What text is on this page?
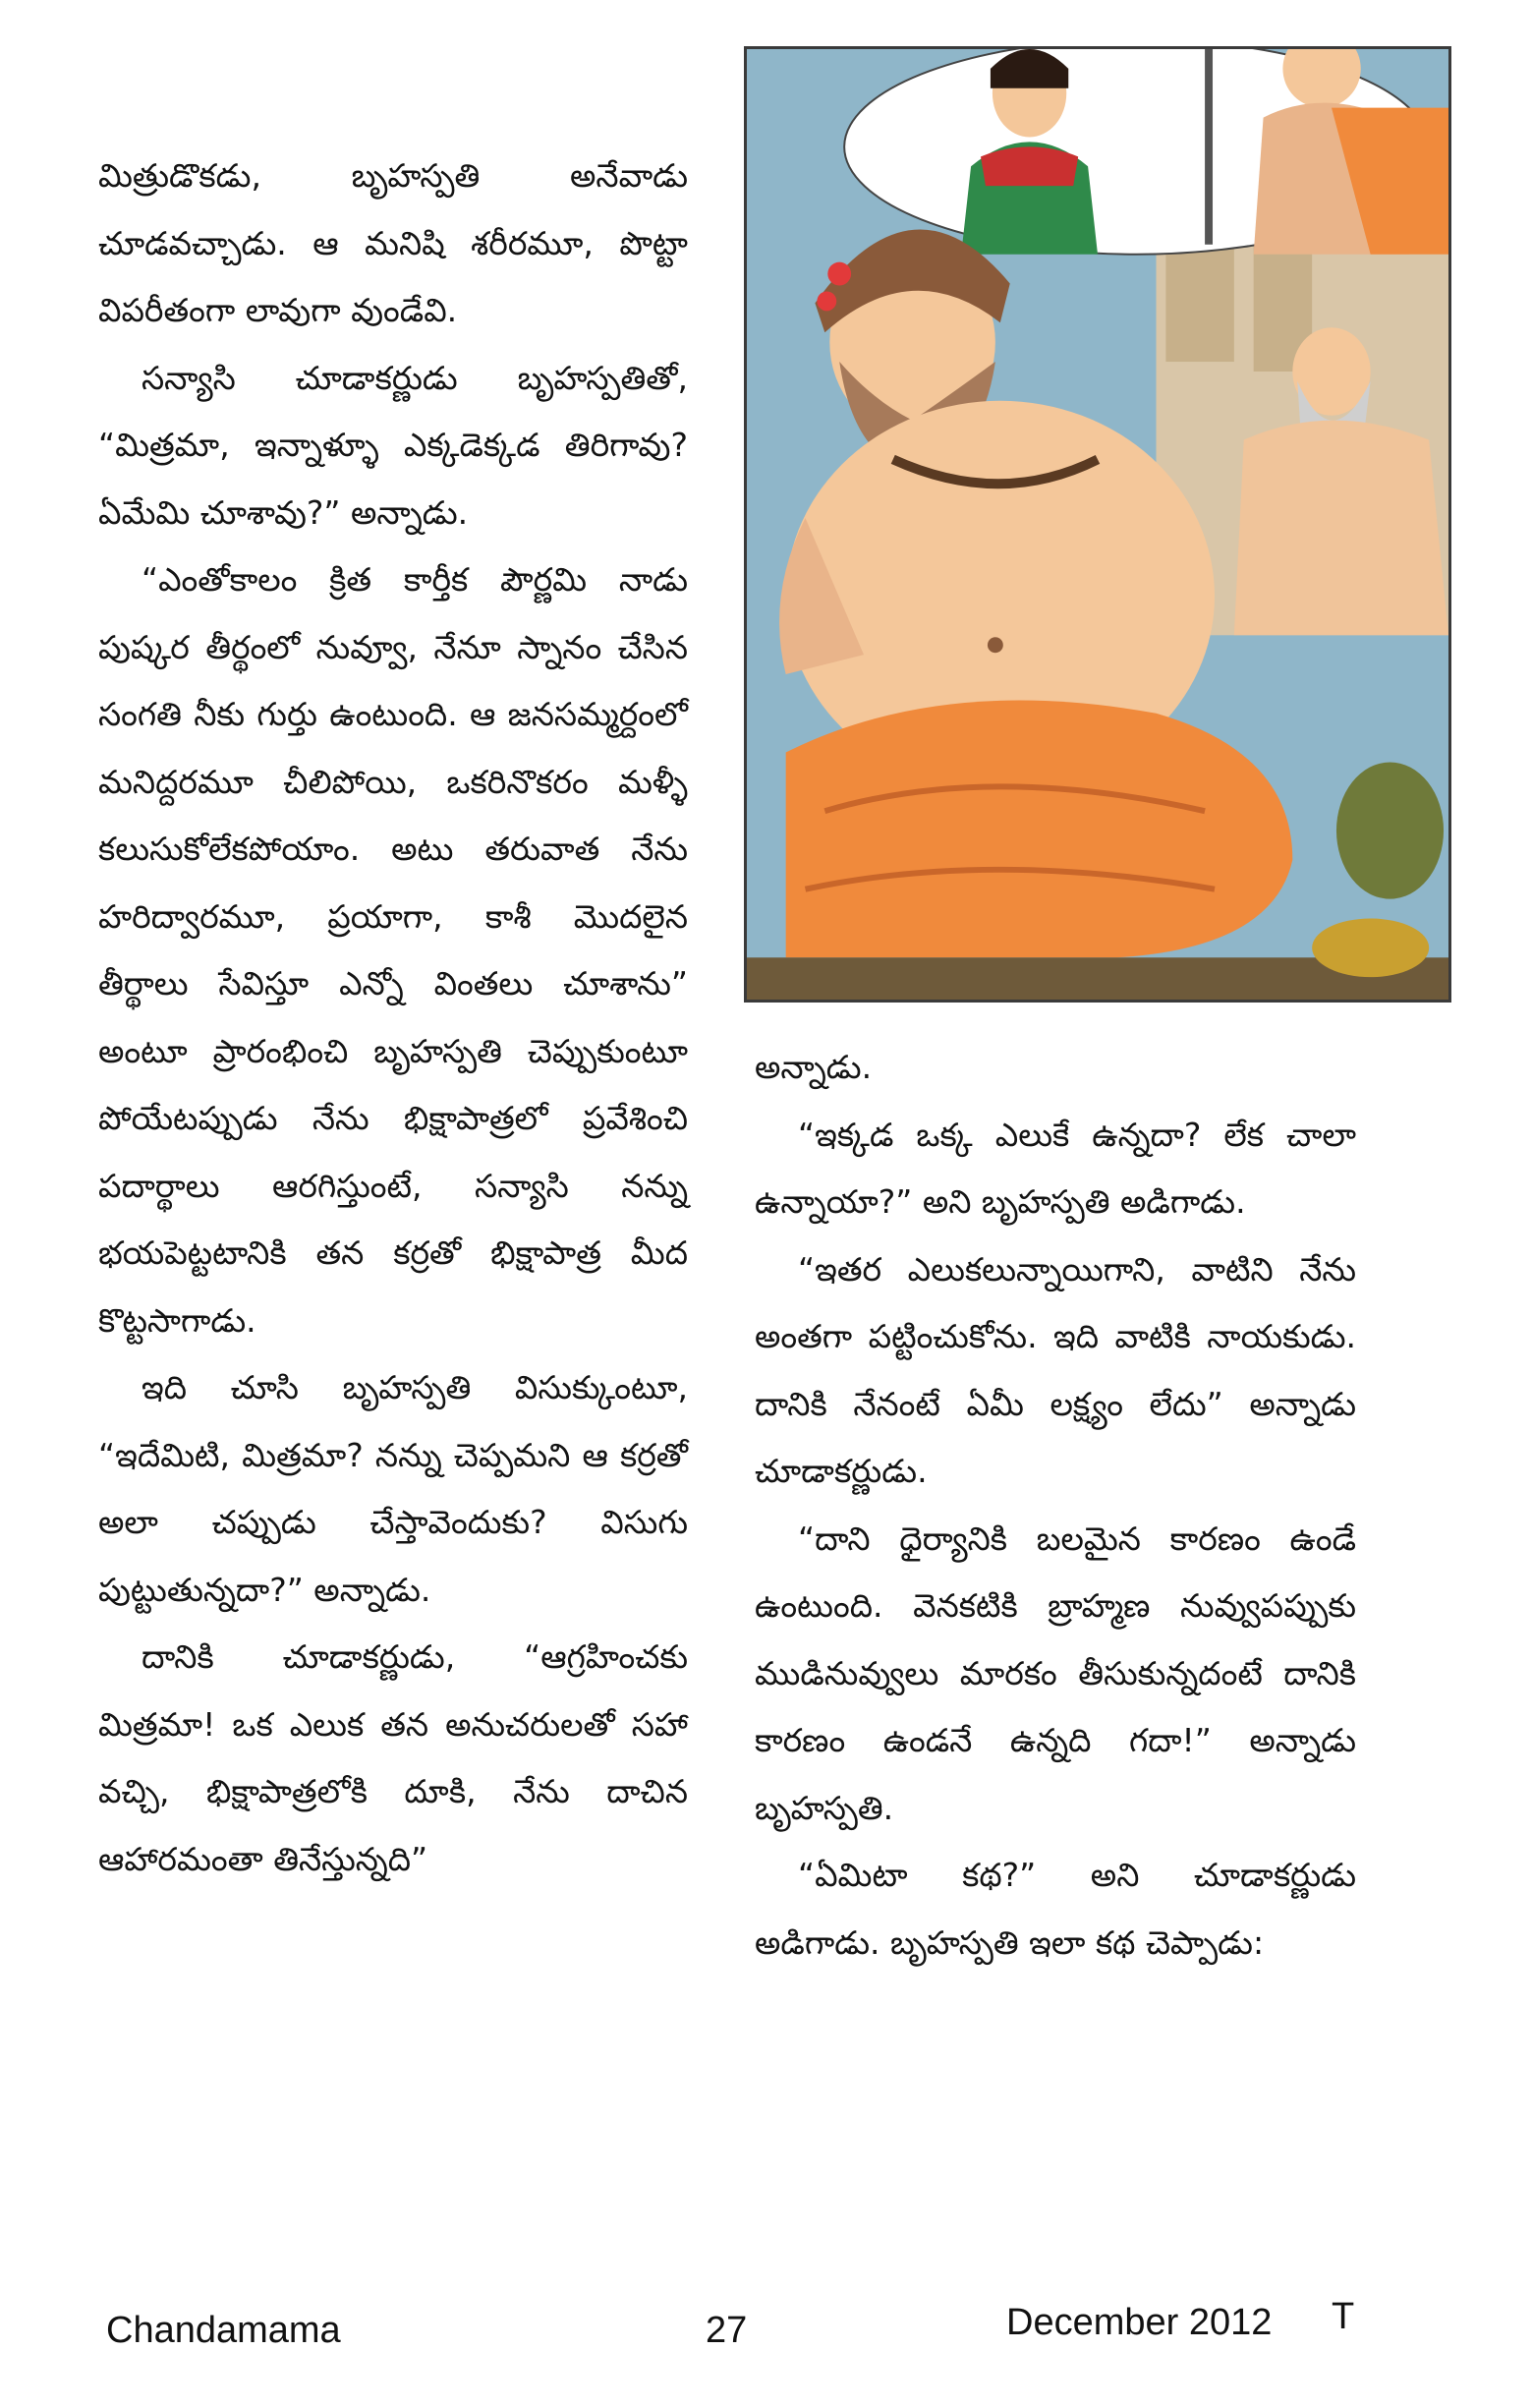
మిత్రుడొకడు, బృహస్పతి అనేవాడు చూడవచ్చాడు. ఆ మనిషి శరీరమూ, పొట్టా విపరీతంగా లావుగా వుండేవి.

సన్యాసి చూడాకర్ణుడు బృహస్పతితో, “మిత్రమా, ఇన్నాళ్ళూ ఎక్కడెక్కడ తిరిగావు? ఏమేమి చూశావు?” అన్నాడు.

“ఎంతోకాలం క్రిత కార్తీక పౌర్ణమి నాడు పుష్కర తీర్థంలో నువ్వూ, నేనూ స్నానం చేసిన సంగతి నీకు గుర్తు ఉంటుంది. ఆ జనసమ్మర్దంలో మనిద్దరమూ చీలిపోయి, ఒకరినొకరం మళ్ళీ కలుసుకోలేకపోయాం. అటు తరువాత నేను హరిద్వారమూ, ప్రయాగా, కాశీ మొదలైన తీర్థాలు సేవిస్తూ ఎన్నో వింతలు చూశాను” అంటూ ప్రారంభించి బృహస్పతి చెప్పుకుంటూ పోయేటప్పుడు నేను భిక్షాపాత్రలో ప్రవేశించి పదార్థాలు ఆరగిస్తుంటే, సన్యాసి నన్ను భయపెట్టటానికి తన కర్రతో భిక్షాపాత్ర మీద కొట్టసాగాడు.

ఇది చూసి బృహస్పతి విసుక్కుంటూ, “ఇదేమిటి, మిత్రమా? నన్ను చెప్పమని ఆ కర్రతో అలా చప్పుడు చేస్తావెందుకు? విసుగు పుట్టుతున్నదా?” అన్నాడు.

దానికి చూడాకర్ణుడు, “ఆగ్రహించకు మిత్రమా! ఒక ఎలుక తన అనుచరులతో సహా వచ్చి, భిక్షాపాత్రలోకి దూకి, నేను దాచిన ఆహారమంతా తినేస్తున్నది”

అన్నాడు.

“ఇక్కడ ఒక్క ఎలుకే ఉన్నదా? లేక చాలా ఉన్నాయా?” అని బృహస్పతి అడిగాడు.

“ఇతర ఎలుకలున్నాయిగాని, వాటిని నేను అంతగా పట్టించుకోను. ఇది వాటికి నాయకుడు. దానికి నేనంటే ఏమీ లక్ష్యం లేదు” అన్నాడు చూడాకర్ణుడు.

“దాని ధైర్యానికి బలమైన కారణం ఉండే ఉంటుంది. వెనకటికి బ్రాహ్మణ నువ్వుపప్పుకు ముడినువ్వులు మారకం తీసుకున్నదంటే దానికి కారణం ఉండనే ఉన్నది గదా!” అన్నాడు బృహస్పతి.

“ఏమిటా కథ?” అని చూడాకర్ణుడు అడిగాడు. బృహస్పతి ఇలా కథ చెప్పాడు:

Chandamama	27	December 2012 T
